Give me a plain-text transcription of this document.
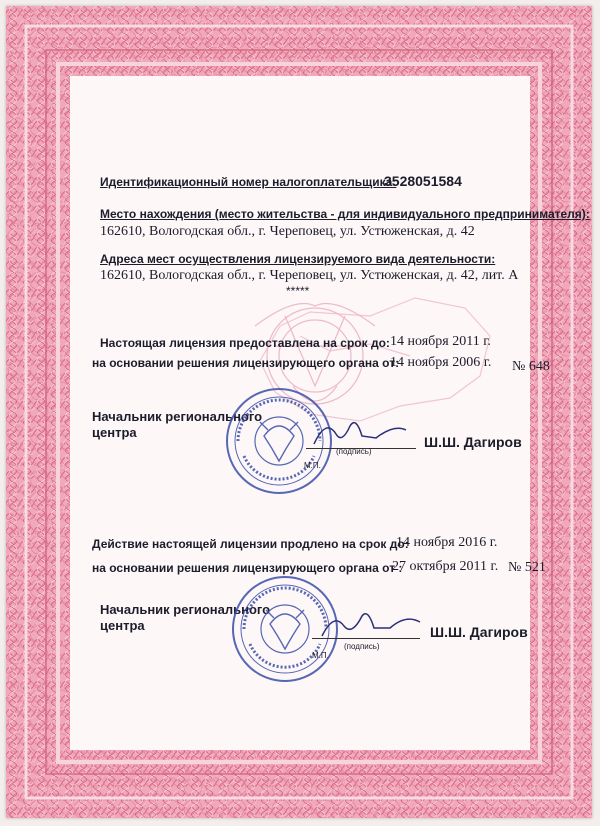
Идентификационный номер налогоплательщика:
3528051584
Место нахождения (место жительства - для индивидуального предпринимателя):
162610, Вологодская обл., г. Череповец, ул. Устюженская, д. 42
Адреса мест осуществления лицензируемого вида деятельности:
162610, Вологодская обл., г. Череповец, ул. Устюженская, д. 42, лит. А
*****
Настоящая лицензия предоставлена на срок до: 14 ноября 2011 г.
на основании решения лицензирующего органа от:
14 ноября 2006 г. № 648
Начальник регионального
центра
(подпись)
М.П.
Ш.Ш. Дагиров
Действие настоящей лицензии продлено на срок до:
14 ноября 2016 г.
на основании решения лицензирующего органа от :
27 октября 2011 г. № 521
Начальник регионального
центра
(подпись)
М.П.
Ш.Ш. Дагиров
